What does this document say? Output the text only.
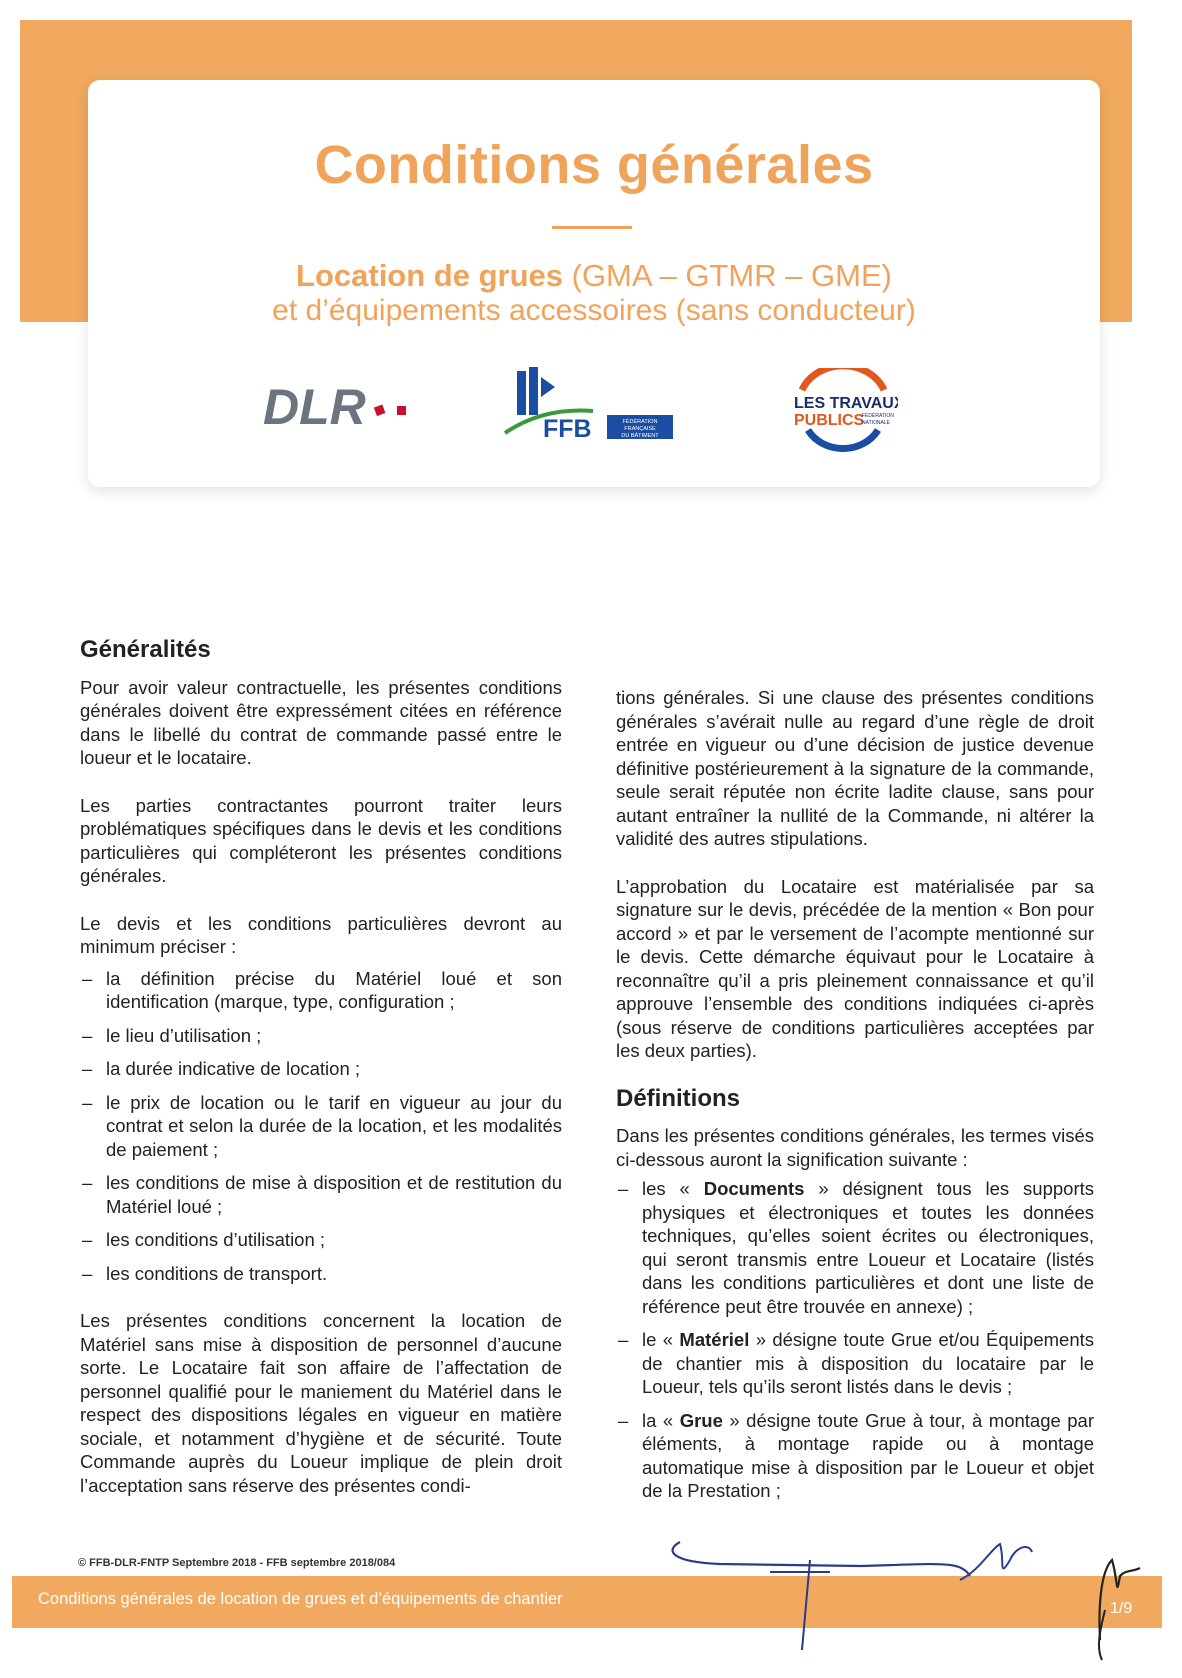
Conditions générales
Location de grues (GMA – GTMR – GME)
et d’équipements accessoires (sans conducteur)
DLR	FFB	FÉDÉRATION
FRANÇAISE
DU BÂTIMENT
LES TRAVAUX
PUBLICS
FÉDÉRATION
NATIONALE
Généralités

Pour avoir valeur contractuelle, les présentes conditions générales doivent être expressément citées en référence dans le libellé du contrat de commande passé entre le loueur et le locataire.

Les parties contractantes pourront traiter leurs problématiques spécifiques dans le devis et les conditions particulières qui compléteront les présentes conditions générales.

Le devis et les conditions particulières devront au minimum préciser :

– la définition précise du Matériel loué et son identification (marque, type, configuration ;
– le lieu d’utilisation ;
– la durée indicative de location ;
– le prix de location ou le tarif en vigueur au jour du contrat et selon la durée de la location, et les modalités de paiement ;
– les conditions de mise à disposition et de restitution du Matériel loué ;
– les conditions d’utilisation ;
– les conditions de transport.

Les présentes conditions concernent la location de Matériel sans mise à disposition de personnel d’aucune sorte. Le Locataire fait son affaire de l’affectation de personnel qualifié pour le maniement du Matériel dans le respect des dispositions légales en vigueur en matière sociale, et notamment d’hygiène et de sécurité. Toute Commande auprès du Loueur implique de plein droit l’acceptation sans réserve des présentes condi-

tions générales. Si une clause des présentes conditions générales s’avérait nulle au regard d’une règle de droit entrée en vigueur ou d’une décision de justice devenue définitive postérieurement à la signature de la commande, seule serait réputée non écrite ladite clause, sans pour autant entraîner la nullité de la Commande, ni altérer la validité des autres stipulations.

L’approbation du Locataire est matérialisée par sa signature sur le devis, précédée de la mention « Bon pour accord » et par le versement de l’acompte mentionné sur le devis. Cette démarche équivaut pour le Locataire à reconnaître qu’il a pris pleinement connaissance et qu’il approuve l’ensemble des conditions indiquées ci-après (sous réserve de conditions particulières acceptées par les deux parties).

Définitions

Dans les présentes conditions générales, les termes visés ci-dessous auront la signification suivante :

– les « Documents » désignent tous les supports physiques et électroniques et toutes les données techniques, qu’elles soient écrites ou électroniques, qui seront transmis entre Loueur et Locataire (listés dans les conditions particulières et dont une liste de référence peut être trouvée en annexe) ;
– le « Matériel » désigne toute Grue et/ou Équipements de chantier mis à disposition du locataire par le Loueur, tels qu’ils seront listés dans le devis ;
– la « Grue » désigne toute Grue à tour, à montage par éléments, à montage rapide ou à montage automatique mise à disposition par le Loueur et objet de la Prestation ;
© FFB-DLR-FNTP Septembre 2018 - FFB septembre 2018/084
Conditions générales de location de grues et d’équipements de chantier
1/9
